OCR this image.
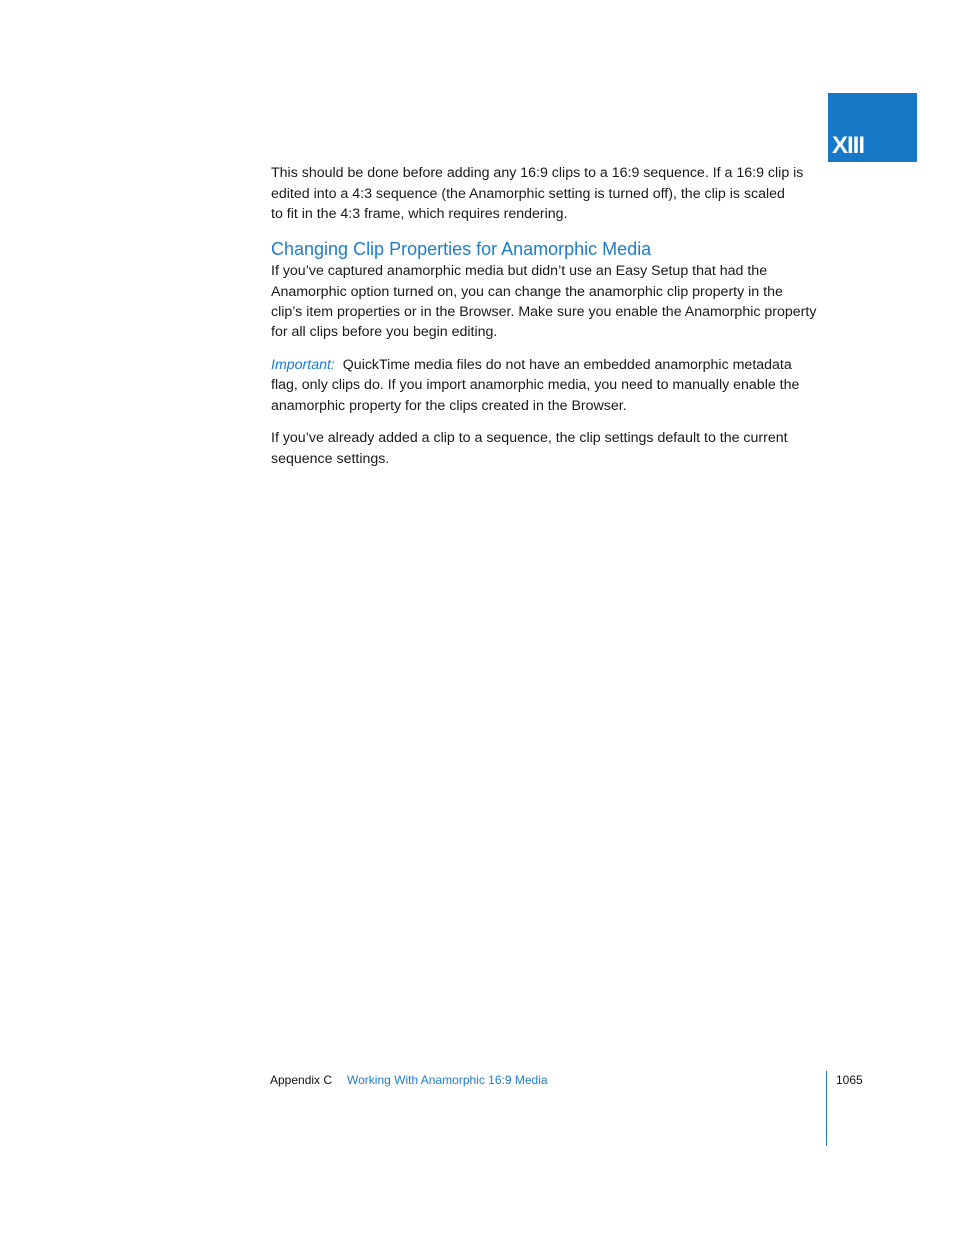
XIII
This should be done before adding any 16:9 clips to a 16:9 sequence. If a 16:9 clip is
edited into a 4:3 sequence (the Anamorphic setting is turned off), the clip is scaled
to fit in the 4:3 frame, which requires rendering.
Changing Clip Properties for Anamorphic Media
If you’ve captured anamorphic media but didn’t use an Easy Setup that had the
Anamorphic option turned on, you can change the anamorphic clip property in the
clip’s item properties or in the Browser. Make sure you enable the Anamorphic property
for all clips before you begin editing.
Important: QuickTime media files do not have an embedded anamorphic metadata
flag, only clips do. If you import anamorphic media, you need to manually enable the
anamorphic property for the clips created in the Browser.
If you’ve already added a clip to a sequence, the clip settings default to the current
sequence settings.
Appendix C Working With Anamorphic 16:9 Media	1065
